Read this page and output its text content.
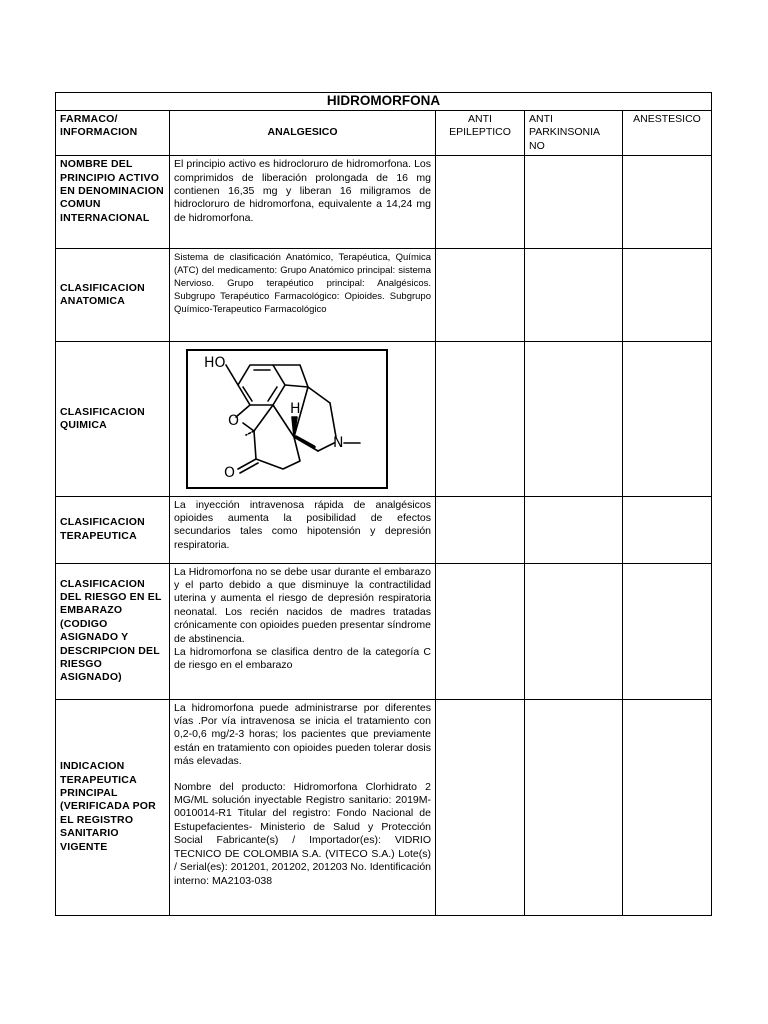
HIDROMORFONA				
FARMACO/ INFORMACION	ANALGESICO	ANTI EPILEPTICO	ANTI PARKINSONIA NO	ANESTESICO
NOMBRE DEL PRINCIPIO ACTIVO EN DENOMINACION COMUN INTERNACIONAL	El principio activo es hidrocloruro de hidromorfona. Los comprimidos de liberación prolongada de 16 mg contienen 16,35 mg y liberan 16 miligramos de hidrocloruro de hidromorfona, equivalente a 14,24 mg de hidromorfona.			
CLASIFICACION ANATOMICA	Sistema de clasificación Anatómico, Terapéutica, Química (ATC) del medicamento: Grupo Anatómico principal: sistema Nervioso. Grupo terapéutico principal: Analgésicos. Subgrupo Terapéutico Farmacológico: Opioides. Subgrupo Químico-Terapeutico Farmacológico			
CLASIFICACION QUIMICA	HO
H
N
O
O			

CLASIFICACION TERAPEUTICA	La inyección intravenosa rápida de analgésicos opioides aumenta la posibilidad de efectos secundarios tales como hipotensión y depresión respiratoria.			
CLASIFICACION DEL RIESGO EN EL EMBARAZO (CODIGO ASIGNADO Y DESCRIPCION DEL RIESGO ASIGNADO)	La Hidromorfona no se debe usar durante el embarazo y el parto debido a que disminuye la contractilidad uterina y aumenta el riesgo de depresión respiratoria neonatal. Los recién nacidos de madres tratadas crónicamente con opioides pueden presentar síndrome de abstinencia.
La hidromorfona se clasifica dentro de la categoría C de riesgo en el embarazo			

INDICACION TERAPEUTICA PRINCIPAL (VERIFICADA POR EL REGISTRO SANITARIO VIGENTE	La hidromorfona puede administrarse por diferentes vías .Por vía intravenosa se inicia el tratamiento con 0,2-0,6 mg/2-3 horas; los pacientes que previamente están en tratamiento con opioides pueden tolerar dosis más elevadas.
Nombre del producto: Hidromorfona Clorhidrato 2 MG/ML solución inyectable Registro sanitario: 2019M-0010014-R1 Titular del registro: Fondo Nacional de Estupefacientes- Ministerio de Salud y Protección Social Fabricante(s) / Importador(es): VIDRIO TECNICO DE COLOMBIA S.A. (VITECO S.A.) Lote(s) / Serial(es): 201201, 201202, 201203 No. Identificación interno: MA2103-038			
